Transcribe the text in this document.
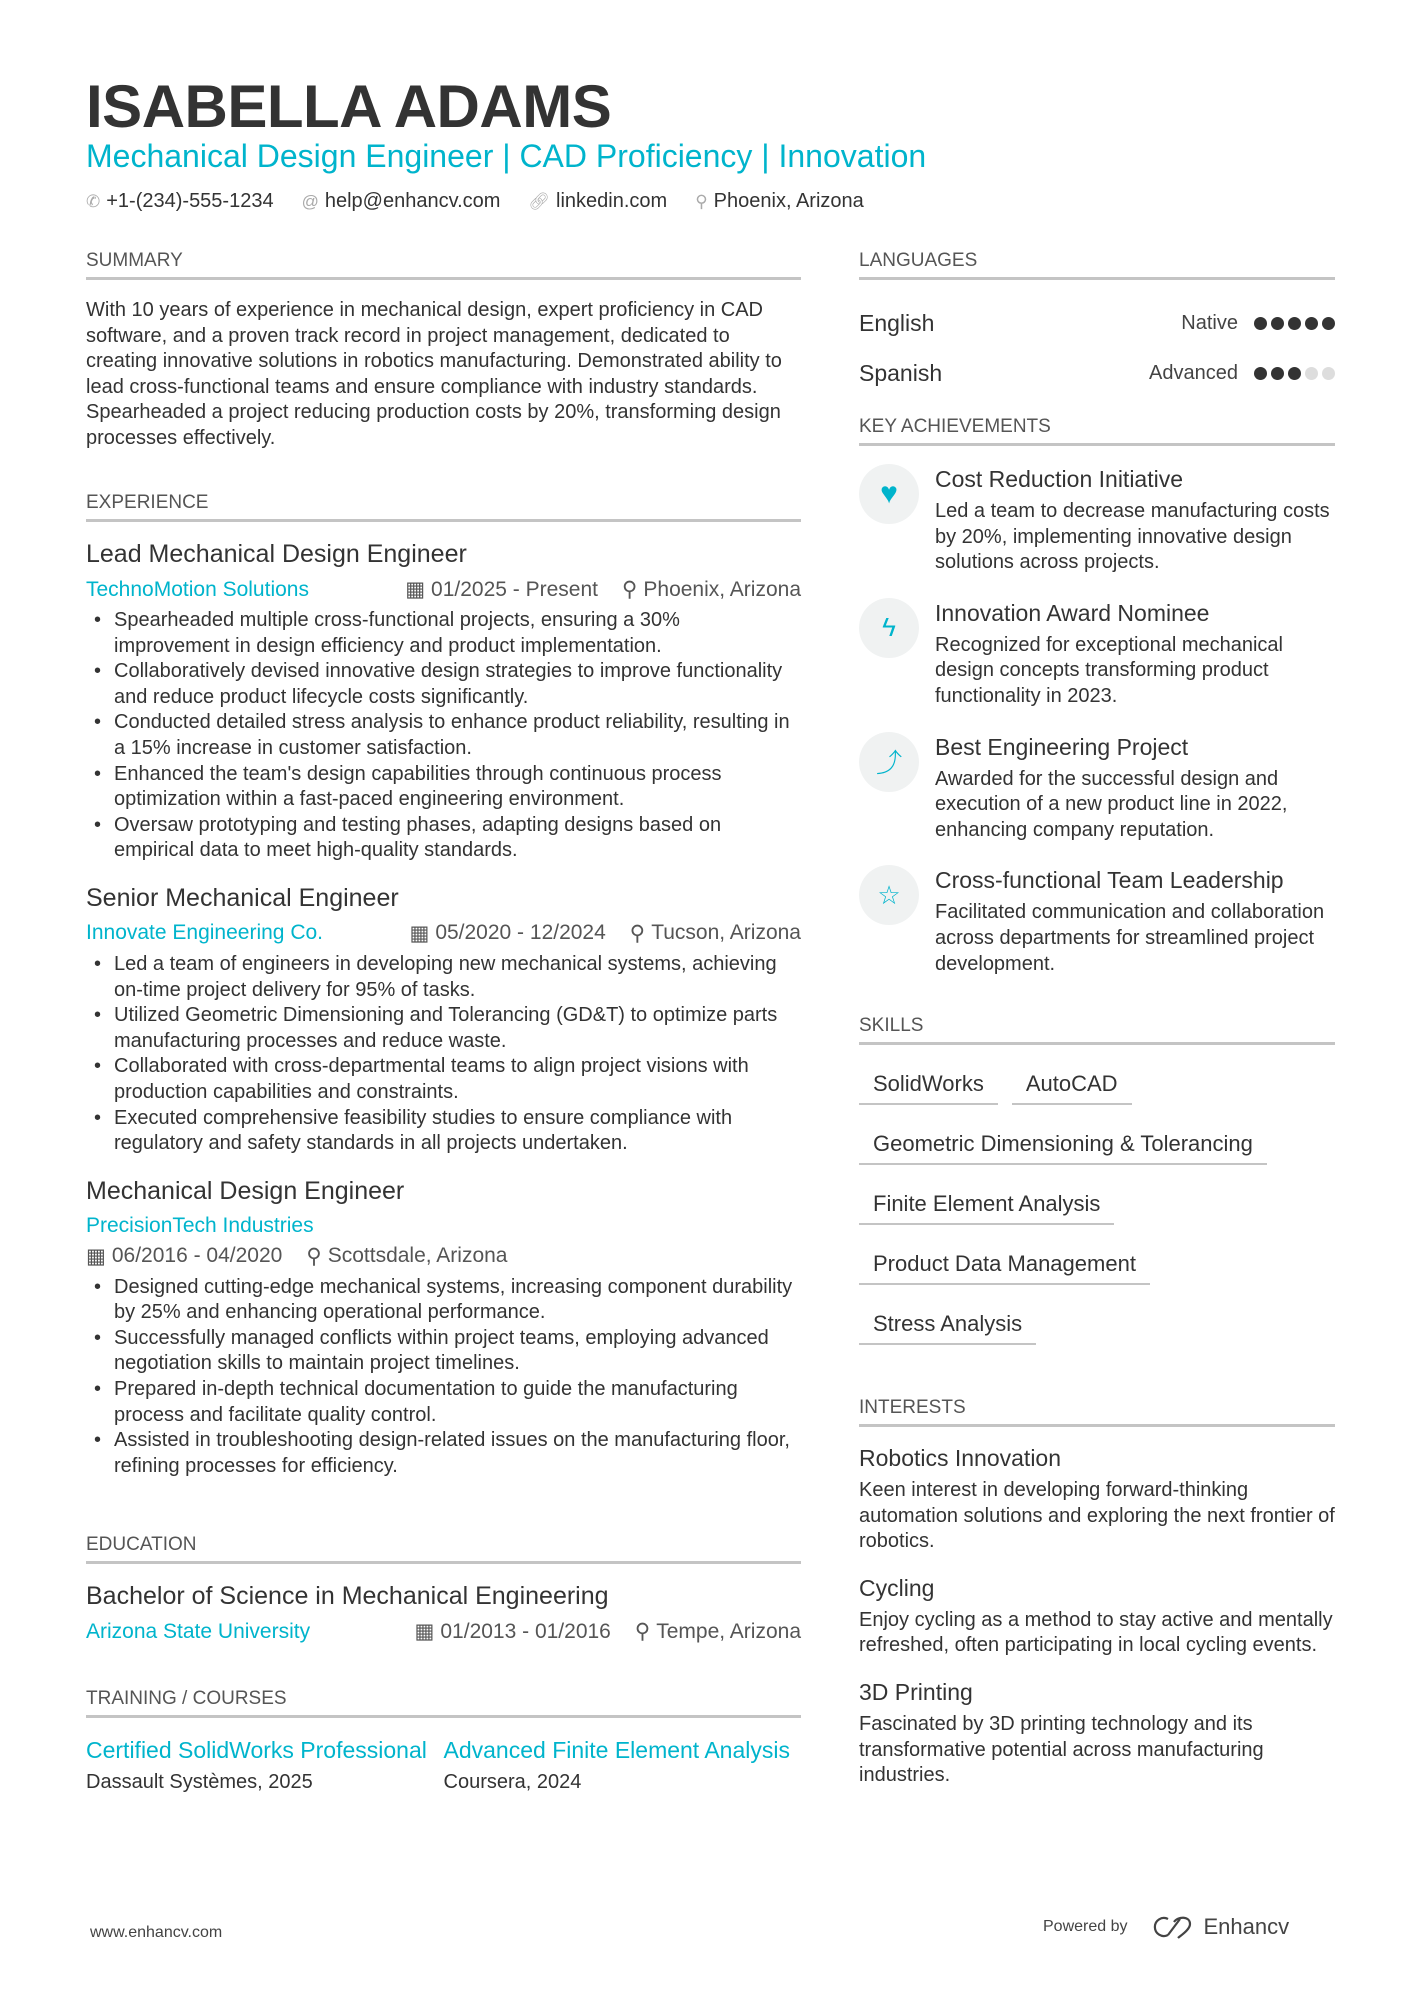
ISABELLA ADAMS
Mechanical Design Engineer | CAD Proficiency | Innovation
✆ +1-(234)-555-1234 @ help@enhancv.com 🔗︎ linkedin.com ⚲ Phoenix, Arizona
SUMMARY
With 10 years of experience in mechanical design, expert proficiency in CAD software, and a proven track record in project management, dedicated to creating innovative solutions in robotics manufacturing. Demonstrated ability to lead cross-functional teams and ensure compliance with industry standards. Spearheaded a project reducing production costs by 20%, transforming design processes effectively.
EXPERIENCE
Lead Mechanical Design Engineer
TechnoMotion Solutions	▦ 01/2025 - Present ⚲ Phoenix, Arizona
• Spearheaded multiple cross-functional projects, ensuring a 30% improvement in design efficiency and product implementation.
• Collaboratively devised innovative design strategies to improve functionality and reduce product lifecycle costs significantly.
• Conducted detailed stress analysis to enhance product reliability, resulting in a 15% increase in customer satisfaction.
• Enhanced the team's design capabilities through continuous process optimization within a fast-paced engineering environment.
• Oversaw prototyping and testing phases, adapting designs based on empirical data to meet high-quality standards.
Senior Mechanical Engineer
Innovate Engineering Co.	▦ 05/2020 - 12/2024 ⚲ Tucson, Arizona
• Led a team of engineers in developing new mechanical systems, achieving on-time project delivery for 95% of tasks.
• Utilized Geometric Dimensioning and Tolerancing (GD&T) to optimize parts manufacturing processes and reduce waste.
• Collaborated with cross-departmental teams to align project visions with production capabilities and constraints.
• Executed comprehensive feasibility studies to ensure compliance with regulatory and safety standards in all projects undertaken.
Mechanical Design Engineer
PrecisionTech Industries
▦ 06/2016 - 04/2020 ⚲ Scottsdale, Arizona
• Designed cutting-edge mechanical systems, increasing component durability by 25% and enhancing operational performance.
• Successfully managed conflicts within project teams, employing advanced negotiation skills to maintain project timelines.
• Prepared in-depth technical documentation to guide the manufacturing process and facilitate quality control.
• Assisted in troubleshooting design-related issues on the manufacturing floor, refining processes for efficiency.
EDUCATION
Bachelor of Science in Mechanical Engineering
Arizona State University	▦ 01/2013 - 01/2016 ⚲ Tempe, Arizona
TRAINING / COURSES
Certified SolidWorks Professional
Dassault Systèmes, 2025
Advanced Finite Element Analysis
Coursera, 2024
LANGUAGES
English	Native
Spanish	Advanced
KEY ACHIEVEMENTS
♥	Cost Reduction Initiative
Led a team to decrease manufacturing costs by 20%, implementing innovative design solutions across projects.
ϟ	Innovation Award Nominee
Recognized for exceptional mechanical design concepts transforming product functionality in 2023.
⤴
Best Engineering Project
Awarded for the successful design and execution of a new product line in 2022, enhancing company reputation.
☆	Cross-functional Team Leadership
Facilitated communication and collaboration across departments for streamlined project development.
SKILLS
SolidWorks	AutoCAD
Geometric Dimensioning & Tolerancing
Finite Element Analysis
Product Data Management
Stress Analysis
INTERESTS
Robotics Innovation
Keen interest in developing forward-thinking automation solutions and exploring the next frontier of robotics.
Cycling
Enjoy cycling as a method to stay active and mentally refreshed, often participating in local cycling events.
3D Printing
Fascinated by 3D printing technology and its transformative potential across manufacturing industries.
www.enhancv.com	Powered by	Enhancv
